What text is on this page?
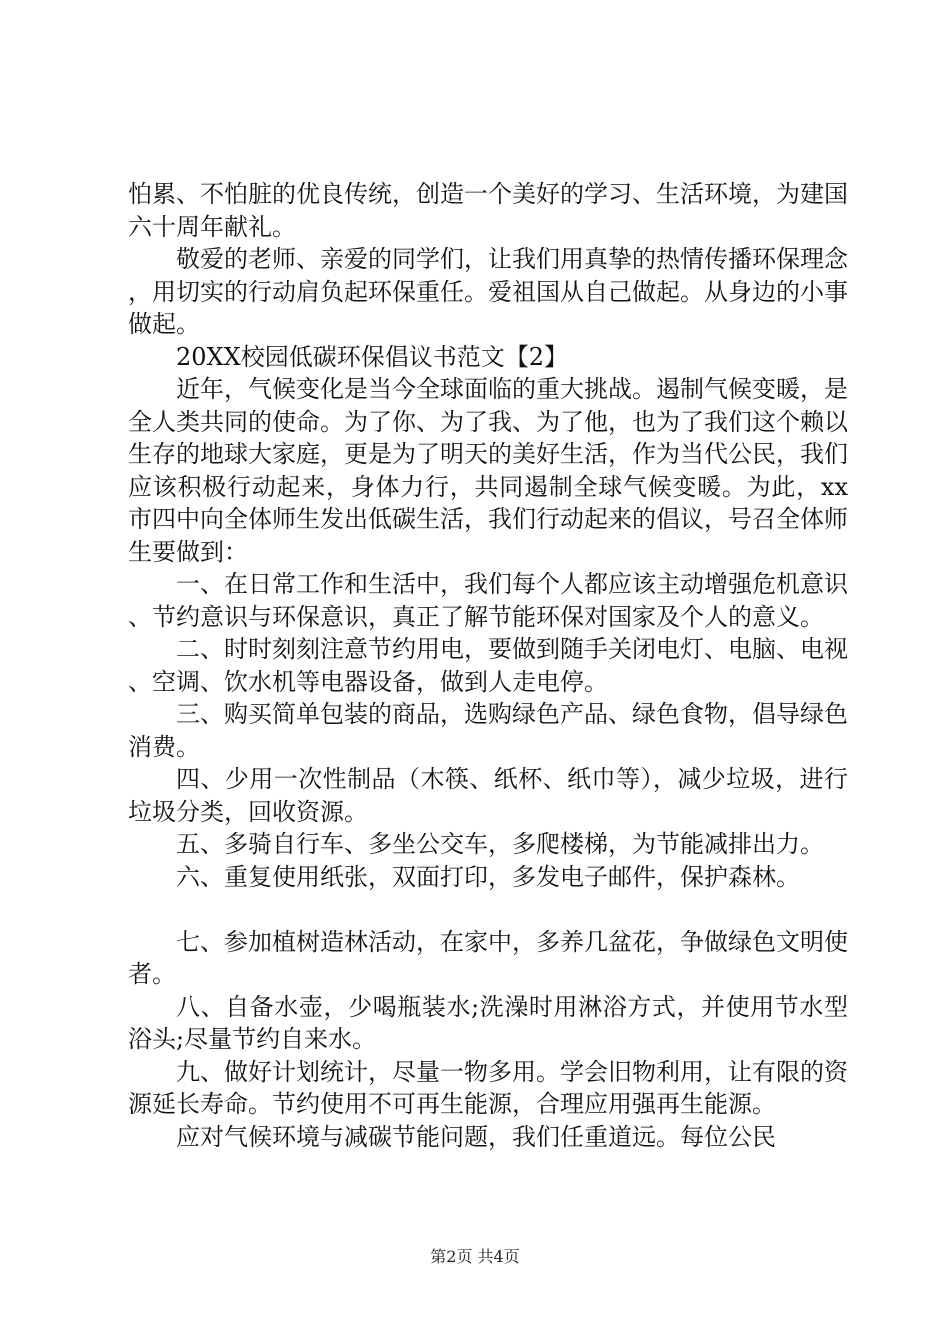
怕累、不怕脏的优良传统，创造一个美好的学习、生活环境，为建国六十周年献礼。

敬爱的老师、亲爱的同学们，让我们用真挚的热情传播环保理念，用切实的行动肩负起环保重任。爱祖国从自己做起。从身边的小事做起。

20XX校园低碳环保倡议书范文【2】

近年，气候变化是当今全球面临的重大挑战。遏制气候变暖，是全人类共同的使命。为了你、为了我、为了他，也为了我们这个赖以生存的地球大家庭，更是为了明天的美好生活，作为当代公民，我们应该积极行动起来，身体力行，共同遏制全球气候变暖。为此，xx市四中向全体师生发出低碳生活，我们行动起来的倡议，号召全体师生要做到：

一、在日常工作和生活中，我们每个人都应该主动增强危机意识、节约意识与环保意识，真正了解节能环保对国家及个人的意义。

二、时时刻刻注意节约用电，要做到随手关闭电灯、电脑、电视、空调、饮水机等电器设备，做到人走电停。

三、购买简单包装的商品，选购绿色产品、绿色食物，倡导绿色消费。

四、少用一次性制品（木筷、纸杯、纸巾等），减少垃圾，进行垃圾分类，回收资源。

五、多骑自行车、多坐公交车，多爬楼梯，为节能减排出力。

六、重复使用纸张，双面打印，多发电子邮件，保护森林。

七、参加植树造林活动，在家中，多养几盆花，争做绿色文明使者。

八、自备水壶，少喝瓶装水;洗澡时用淋浴方式，并使用节水型浴头;尽量节约自来水。

九、做好计划统计，尽量一物多用。学会旧物利用，让有限的资源延长寿命。节约使用不可再生能源，合理应用强再生能源。

应对气候环境与减碳节能问题，我们任重道远。每位公民

第2页 共4页
